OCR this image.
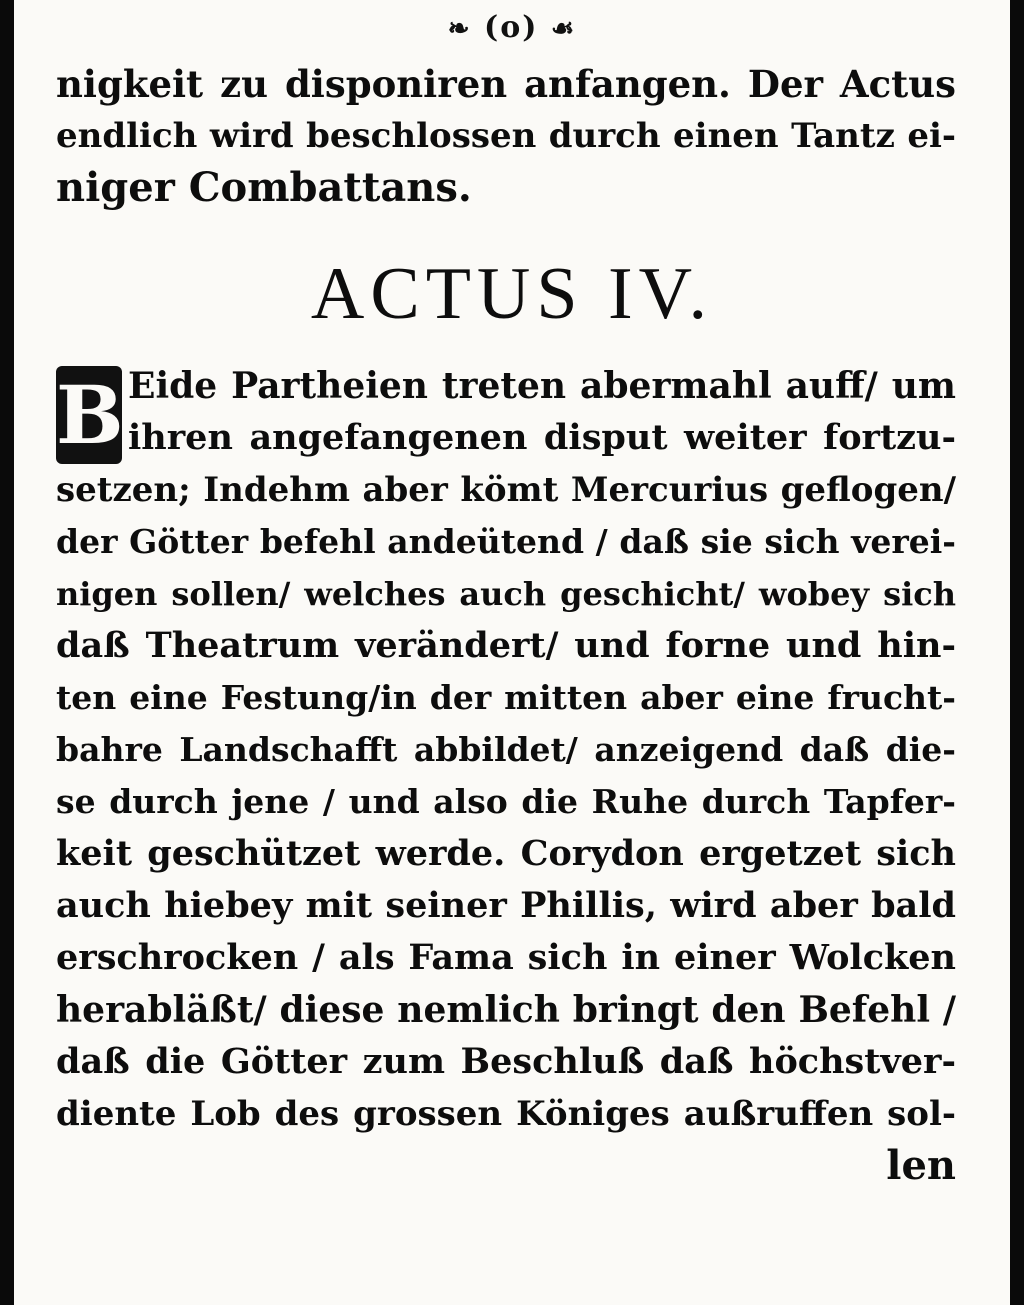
❧ (o) ☙
nigkeit zu disponiren anfangen. Der Actus
endlich wird beschlossen durch einen Tantz ei-
niger Combattans.
ACTUS IV.
B Eide Partheien treten abermahl auff/ um
ihren angefangenen disput weiter fortzu-
setzen; Indehm aber kömt Mercurius geflogen/
der Götter befehl andeütend / daß sie sich verei-
nigen sollen/ welches auch geschicht/ wobey sich
daß Theatrum verändert/ und forne und hin-
ten eine Festung/in der mitten aber eine frucht-
bahre Landschafft abbildet/ anzeigend daß die-
se durch jene / und also die Ruhe durch Tapfer-
keit geschützet werde. Corydon ergetzet sich
auch hiebey mit seiner Phillis, wird aber bald
erschrocken / als Fama sich in einer Wolcken
herabläßt/ diese nemlich bringt den Befehl /
daß die Götter zum Beschluß daß höchstver-
diente Lob des grossen Königes außruffen sol-
len
